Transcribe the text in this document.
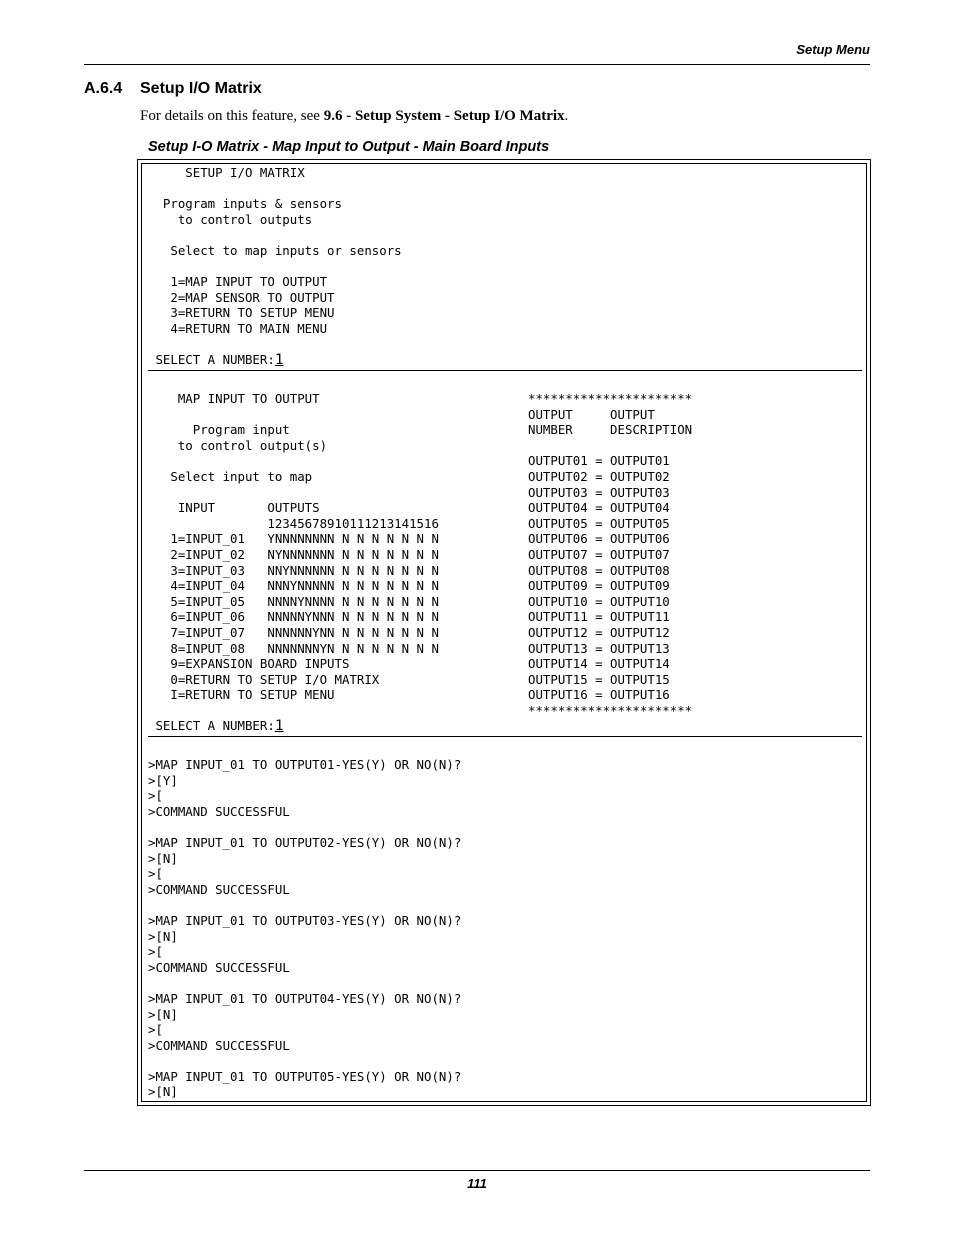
Setup Menu
A.6.4 Setup I/O Matrix
For details on this feature, see 9.6 - Setup System - Setup I/O Matrix.
Setup I-O Matrix - Map Input to Output - Main Board Inputs
SETUP I/O MATRIX

Program inputs & sensors
to control outputs

Select to map inputs or sensors

1=MAP INPUT TO OUTPUT
2=MAP SENSOR TO OUTPUT
3=RETURN TO SETUP MENU
4=RETURN TO MAIN MENU

SELECT A NUMBER:1
MAP INPUT TO OUTPUT

Program input
to control output(s)

Select input to map

INPUT       OUTPUTS
12345678910111213141516
1=INPUT_01   YNNNNNNNN N N N N N N N
2=INPUT_02   NYNNNNNNN N N N N N N N
3=INPUT_03   NNYNNNNNN N N N N N N N
4=INPUT_04   NNNYNNNNN N N N N N N N
5=INPUT_05   NNNNYNNNN N N N N N N N
6=INPUT_06   NNNNNYNNN N N N N N N N
7=INPUT_07   NNNNNNYNN N N N N N N N
8=INPUT_08   NNNNNNNYN N N N N N N N
9=EXPANSION BOARD INPUTS
0=RETURN TO SETUP I/O MATRIX
I=RETURN TO SETUP MENU

SELECT A NUMBER:1
**********************
OUTPUT     OUTPUT
NUMBER     DESCRIPTION

OUTPUT01 = OUTPUT01
OUTPUT02 = OUTPUT02
OUTPUT03 = OUTPUT03
OUTPUT04 = OUTPUT04
OUTPUT05 = OUTPUT05
OUTPUT06 = OUTPUT06
OUTPUT07 = OUTPUT07
OUTPUT08 = OUTPUT08
OUTPUT09 = OUTPUT09
OUTPUT10 = OUTPUT10
OUTPUT11 = OUTPUT11
OUTPUT12 = OUTPUT12
OUTPUT13 = OUTPUT13
OUTPUT14 = OUTPUT14
OUTPUT15 = OUTPUT15
OUTPUT16 = OUTPUT16
**********************
>MAP INPUT_01 TO OUTPUT01-YES(Y) OR NO(N)?
>[Y]
>[
>COMMAND SUCCESSFUL

>MAP INPUT_01 TO OUTPUT02-YES(Y) OR NO(N)?
>[N]
>[
>COMMAND SUCCESSFUL

>MAP INPUT_01 TO OUTPUT03-YES(Y) OR NO(N)?
>[N]
>[
>COMMAND SUCCESSFUL

>MAP INPUT_01 TO OUTPUT04-YES(Y) OR NO(N)?
>[N]
>[
>COMMAND SUCCESSFUL

>MAP INPUT_01 TO OUTPUT05-YES(Y) OR NO(N)?
>[N]
111
